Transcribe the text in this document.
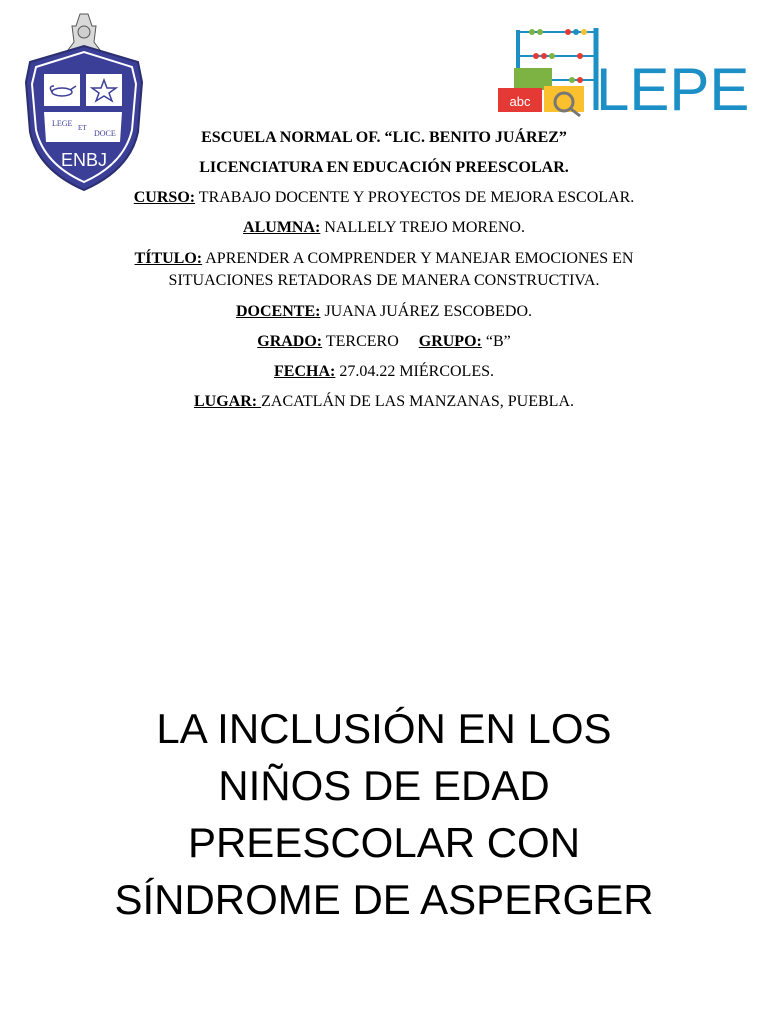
LEGE ET
DOCE
ENBJ
abc LEPE
ESCUELA NORMAL OF. “LIC. BENITO JUÁREZ”
LICENCIATURA EN EDUCACIÓN PREESCOLAR.
CURSO: TRABAJO DOCENTE Y PROYECTOS DE MEJORA ESCOLAR.
ALUMNA: NALLELY TREJO MORENO.
TÍTULO: APRENDER A COMPRENDER Y MANEJAR EMOCIONES EN SITUACIONES RETADORAS DE MANERA CONSTRUCTIVA.
DOCENTE: JUANA JUÁREZ ESCOBEDO.
GRADO: TERCERO GRUPO: “B”
FECHA: 27.04.22 MIÉRCOLES.
LUGAR: ZACATLÁN DE LAS MANZANAS, PUEBLA.
LA INCLUSIÓN EN LOS
NIÑOS DE EDAD
PREESCOLAR CON
SÍNDROME DE ASPERGER
